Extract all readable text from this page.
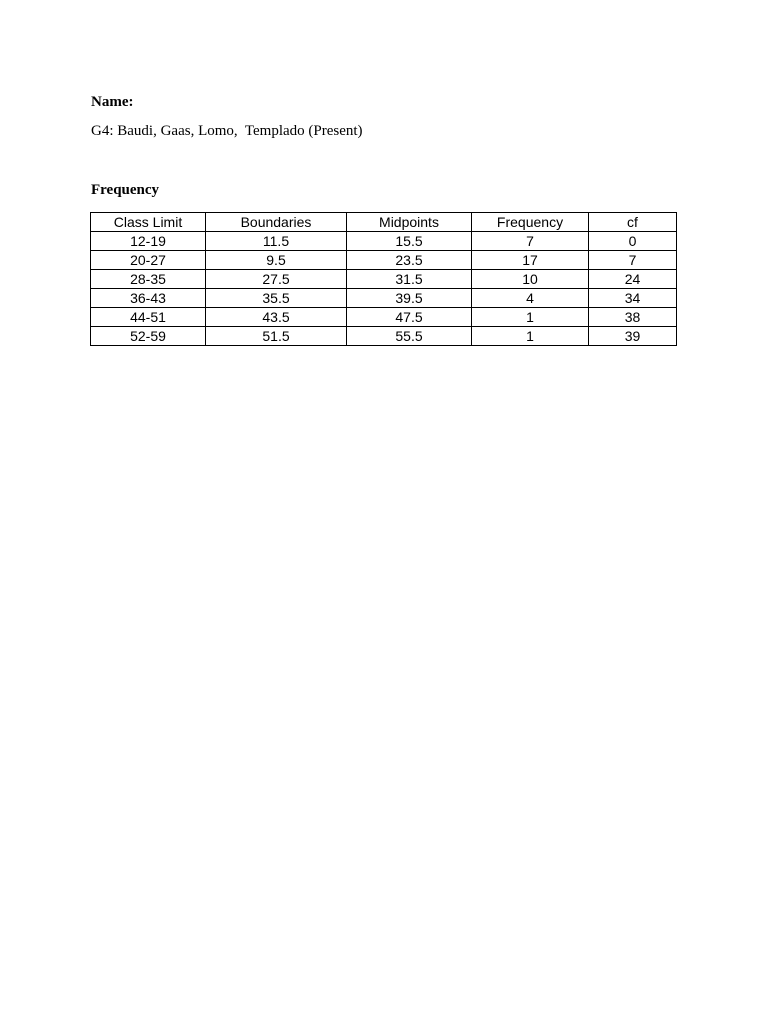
Name:

G4: Baudi, Gaas, Lomo,  Templado (Present)

Frequency

Class Limit	Boundaries	Midpoints	Frequency	cf
12-19	11.5	15.5	7	0
20-27	9.5	23.5	17	7
28-35	27.5	31.5	10	24
36-43	35.5	39.5	4	34
44-51	43.5	47.5	1	38
52-59	51.5	55.5	1	39
